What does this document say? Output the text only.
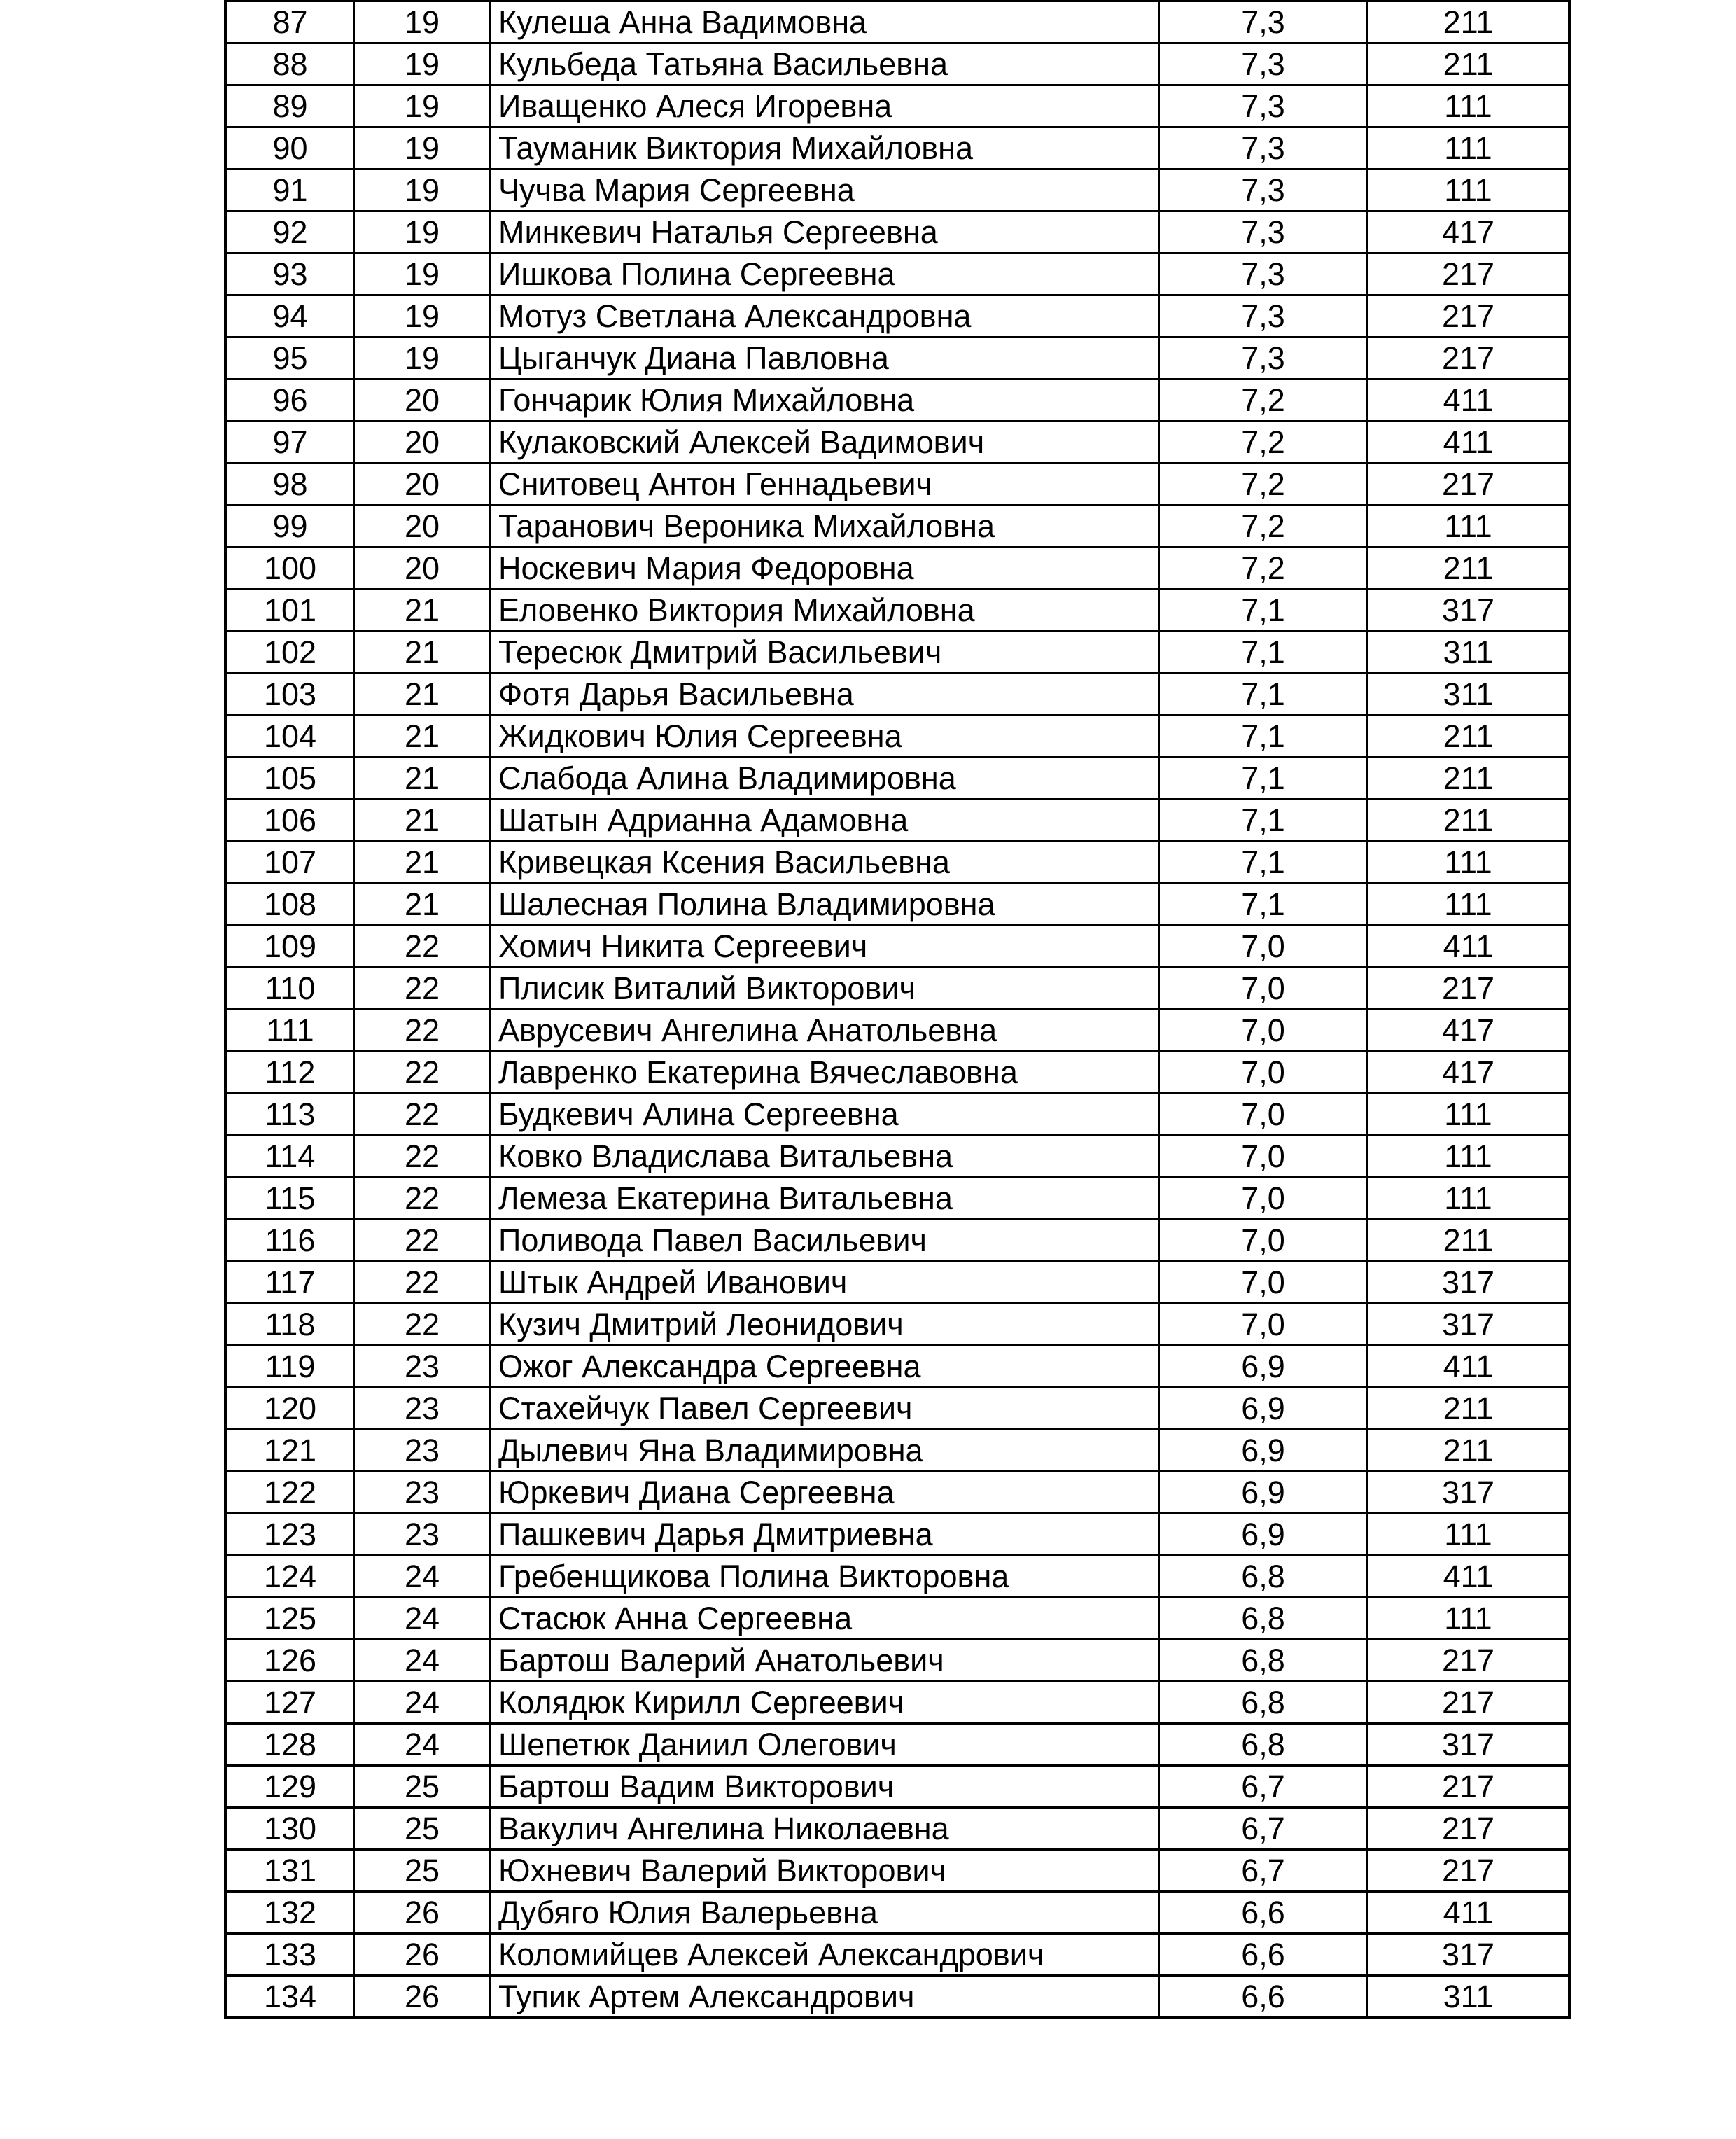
87	19	Кулеша Анна Вадимовна	7,3	211
88	19	Кульбеда Татьяна Васильевна	7,3	211
89	19	Иващенко Алеся Игоревна	7,3	111
90	19	Тауманик Виктория Михайловна	7,3	111
91	19	Чучва Мария Сергеевна	7,3	111
92	19	Минкевич Наталья Сергеевна	7,3	417
93	19	Ишкова Полина Сергеевна	7,3	217
94	19	Мотуз Светлана Александровна	7,3	217
95	19	Цыганчук Диана Павловна	7,3	217
96	20	Гончарик Юлия Михайловна	7,2	411
97	20	Кулаковский Алексей Вадимович	7,2	411
98	20	Снитовец Антон Геннадьевич	7,2	217
99	20	Таранович Вероника Михайловна	7,2	111
100	20	Носкевич Мария Федоровна	7,2	211
101	21	Еловенко Виктория Михайловна	7,1	317
102	21	Тересюк Дмитрий Васильевич	7,1	311
103	21	Фотя Дарья Васильевна	7,1	311
104	21	Жидкович Юлия Сергеевна	7,1	211
105	21	Слабода Алина Владимировна	7,1	211
106	21	Шатын Адрианна Адамовна	7,1	211
107	21	Кривецкая Ксения Васильевна	7,1	111
108	21	Шалесная Полина Владимировна	7,1	111
109	22	Хомич Никита Сергеевич	7,0	411
110	22	Плисик Виталий Викторович	7,0	217
111	22	Аврусевич Ангелина Анатольевна	7,0	417
112	22	Лавренко Екатерина Вячеславовна	7,0	417
113	22	Будкевич Алина Сергеевна	7,0	111
114	22	Ковко Владислава Витальевна	7,0	111
115	22	Лемеза Екатерина Витальевна	7,0	111
116	22	Поливода Павел Васильевич	7,0	211
117	22	Штык Андрей Иванович	7,0	317
118	22	Кузич Дмитрий Леонидович	7,0	317
119	23	Ожог Александра Сергеевна	6,9	411
120	23	Стахейчук Павел Сергеевич	6,9	211
121	23	Дылевич Яна Владимировна	6,9	211
122	23	Юркевич Диана Сергеевна	6,9	317
123	23	Пашкевич Дарья Дмитриевна	6,9	111
124	24	Гребенщикова Полина Викторовна	6,8	411
125	24	Стасюк Анна Сергеевна	6,8	111
126	24	Бартош Валерий Анатольевич	6,8	217
127	24	Колядюк Кирилл Сергеевич	6,8	217
128	24	Шепетюк Даниил Олегович	6,8	317
129	25	Бартош Вадим Викторович	6,7	217
130	25	Вакулич Ангелина Николаевна	6,7	217
131	25	Юхневич Валерий Викторович	6,7	217
132	26	Дубяго Юлия Валерьевна	6,6	411
133	26	Коломийцев Алексей Александрович	6,6	317
134	26	Тупик Артем Александрович	6,6	311
